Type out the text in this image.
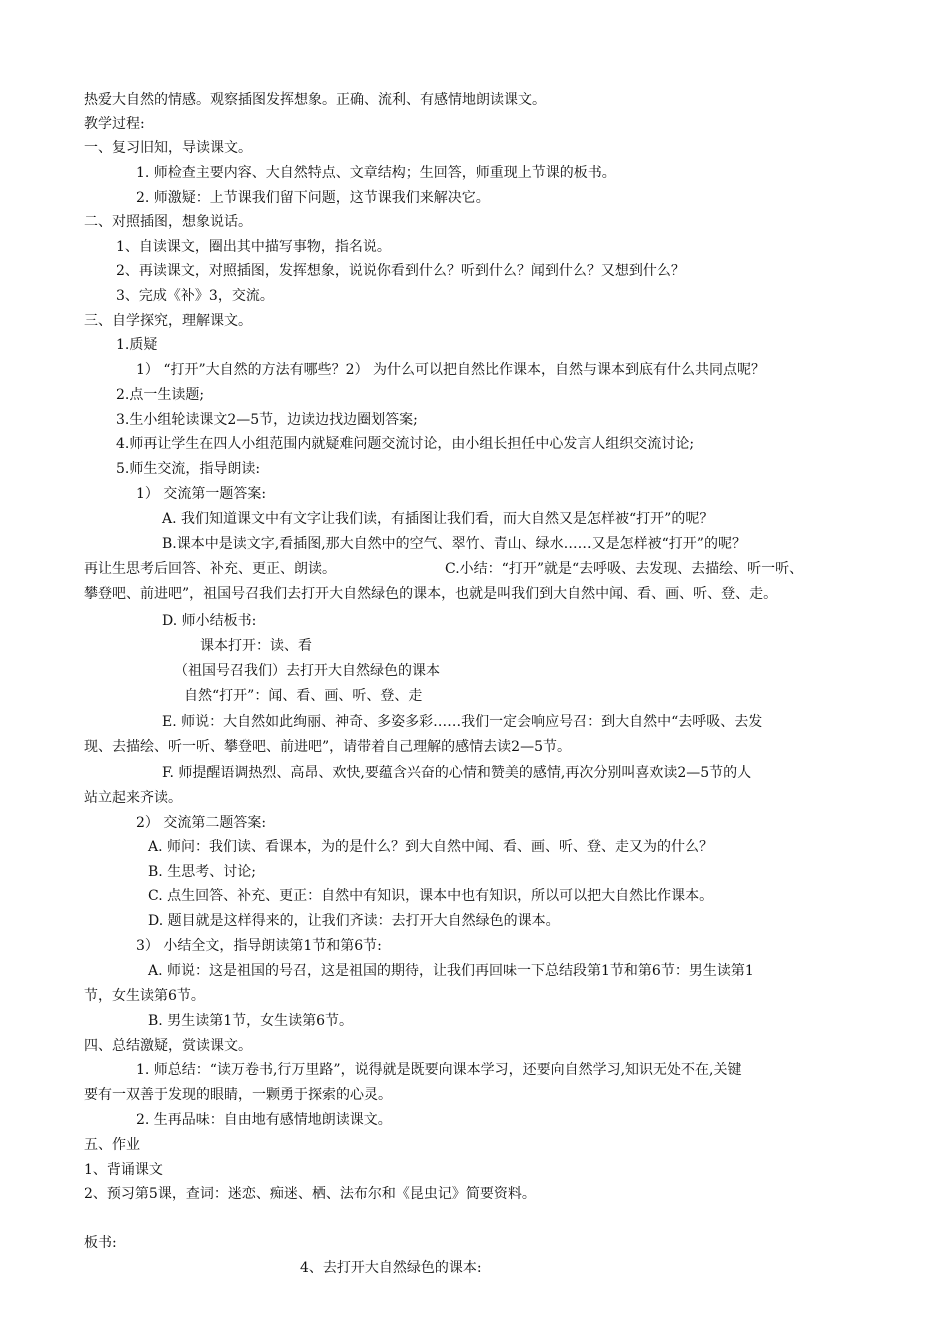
热爱大自然的情感。观察插图发挥想象。正确、流利、有感情地朗读课文。
教学过程:
一、复习旧知，导读课文。
1. 师检查主要内容、大自然特点、文章结构；生回答，师重现上节课的板书。
2. 师激疑：上节课我们留下问题，这节课我们来解决它。
二、对照插图，想象说话。
1、自读课文，圈出其中描写事物，指名说。
2、再读课文，对照插图，发挥想象，说说你看到什么？听到什么？闻到什么？又想到什么？
3、完成《补》3，交流。
三、自学探究，理解课文。
1.质疑
1） “打开”大自然的方法有哪些？2） 为什么可以把自然比作课本，自然与课本到底有什么共同点呢？
2.点一生读题;
3.生小组轮读课文2—5节，边读边找边圈划答案;
4.师再让学生在四人小组范围内就疑难问题交流讨论，由小组长担任中心发言人组织交流讨论;
5.师生交流，指导朗读:
1） 交流第一题答案:
A. 我们知道课文中有文字让我们读，有插图让我们看，而大自然又是怎样被“打开”的呢？
B.课本中是读文字,看插图,那大自然中的空气、翠竹、青山、绿水……又是怎样被“打开”的呢？
再让生思考后回答、补充、更正、朗读。	C.小结：“打开”就是“去呼吸、去发现、去描绘、听一听、
攀登吧、前进吧”，祖国号召我们去打开大自然绿色的课本，也就是叫我们到大自然中闻、看、画、听、登、走。
D. 师小结板书:
课本打开：读、看
（祖国号召我们）去打开大自然绿色的课本
自然“打开”：闻、看、画、听、登、走
E. 师说：大自然如此绚丽、神奇、多姿多彩……我们一定会响应号召：到大自然中“去呼吸、去发
现、去描绘、听一听、攀登吧、前进吧”，请带着自己理解的感情去读2—5节。
F. 师提醒语调热烈、高昂、欢快,要蕴含兴奋的心情和赞美的感情,再次分别叫喜欢读2—5节的人
站立起来齐读。
2） 交流第二题答案:
A. 师问：我们读、看课本，为的是什么？到大自然中闻、看、画、听、登、走又为的什么？
B. 生思考、讨论;
C. 点生回答、补充、更正：自然中有知识，课本中也有知识，所以可以把大自然比作课本。
D. 题目就是这样得来的，让我们齐读：去打开大自然绿色的课本。
3） 小结全文，指导朗读第1节和第6节:
A. 师说：这是祖国的号召，这是祖国的期待，让我们再回味一下总结段第1节和第6节：男生读第1
节，女生读第6节。
B. 男生读第1节，女生读第6节。
四、总结激疑，赏读课文。
1. 师总结：“读万卷书,行万里路”，说得就是既要向课本学习，还要向自然学习,知识无处不在,关键
要有一双善于发现的眼睛，一颗勇于探索的心灵。
2. 生再品味：自由地有感情地朗读课文。
五、作业
1、背诵课文
2、预习第5课，查词：迷恋、痴迷、栖、法布尔和《昆虫记》简要资料。
板书:
4、去打开大自然绿色的课本:
